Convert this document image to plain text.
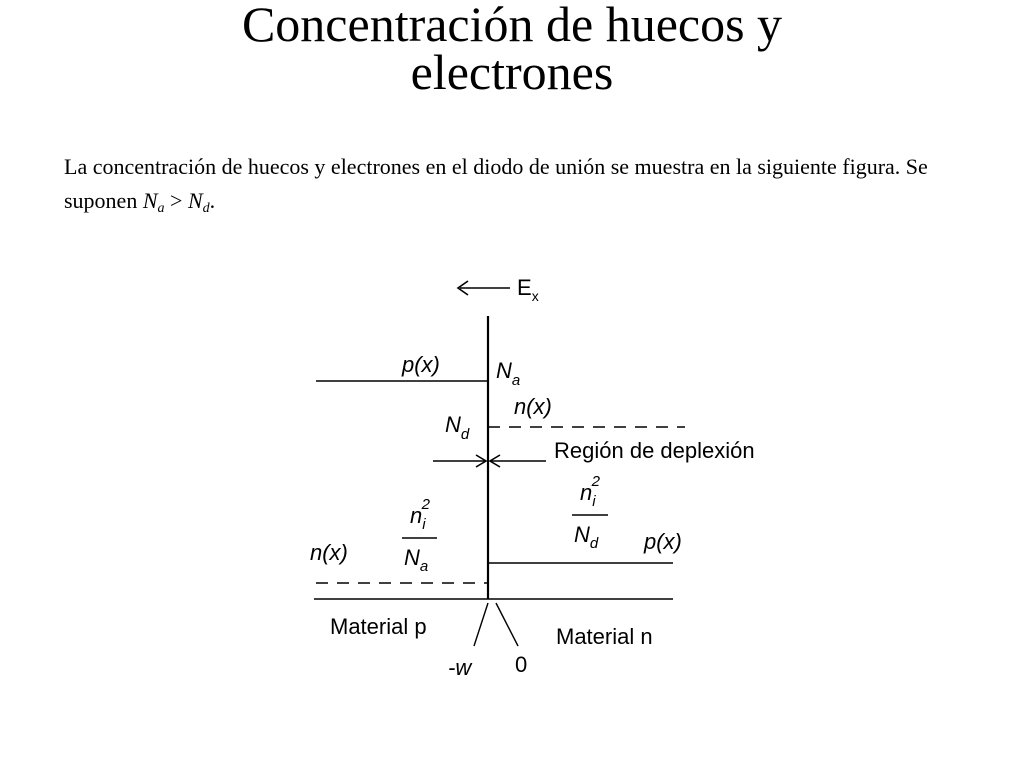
Concentración de huecos y
electrones
La concentración de huecos y electrones en el diodo de unión se muestra en la siguiente figura. Se suponen $N_a > N_d$.
$E_x$
p(x)	$N_a$
n(x)
$N_d$
Región de deplexión
$n_i2$
$N_a$
$n_i2$
$N_d$
n(x)	p(x)
Material p	Material n
-w 0
